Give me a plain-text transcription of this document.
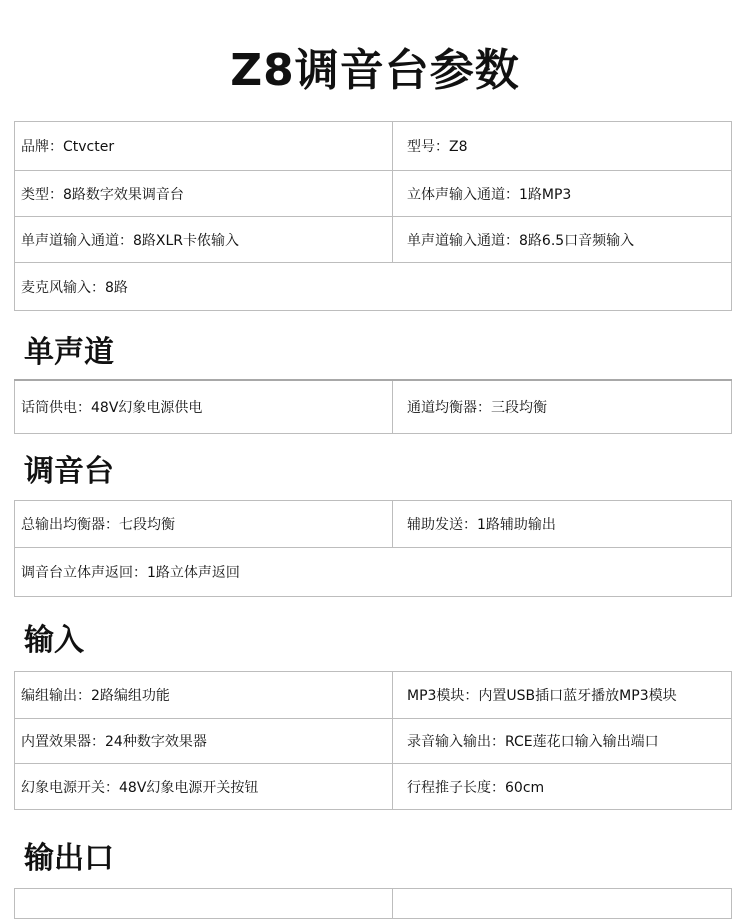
Z8调音台参数
品牌：Ctvcter	型号：Z8
类型：8路数字效果调音台	立体声输入通道：1路MP3
单声道输入通道：8路XLR卡侬输入	单声道输入通道：8路6.5口音频输入
麦克风输入：8路	
单声道
话筒供电：48V幻象电源供电	通道均衡器：三段均衡
调音台
总输出均衡器：七段均衡	辅助发送：1路辅助输出
调音台立体声返回：1路立体声返回
输入
编组输出：2路编组功能	MP3模块：内置USB插口蓝牙播放MP3模块
内置效果器：24种数字效果器	录音输入输出：RCE莲花口输入输出端口
幻象电源开关：48V幻象电源开关按钮	行程推子长度：60cm
输出口
